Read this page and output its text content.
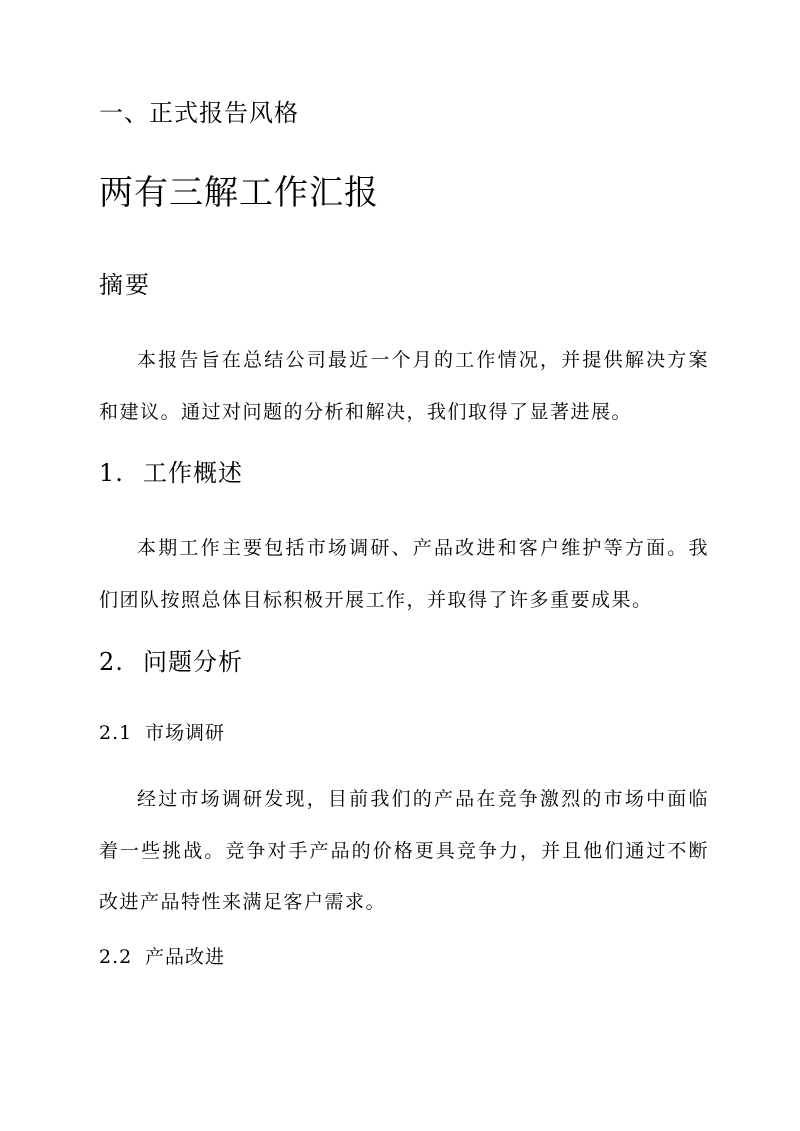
一、正式报告风格
两有三解工作汇报
摘要

本报告旨在总结公司最近一个月的工作情况，并提供解决方案和建议。通过对问题的分析和解决，我们取得了显著进展。

1. 工作概述

本期工作主要包括市场调研、产品改进和客户维护等方面。我们团队按照总体目标积极开展工作，并取得了许多重要成果。

2. 问题分析
2.1 市场调研

经过市场调研发现，目前我们的产品在竞争激烈的市场中面临着一些挑战。竞争对手产品的价格更具竞争力，并且他们通过不断改进产品特性来满足客户需求。

2.2 产品改进
